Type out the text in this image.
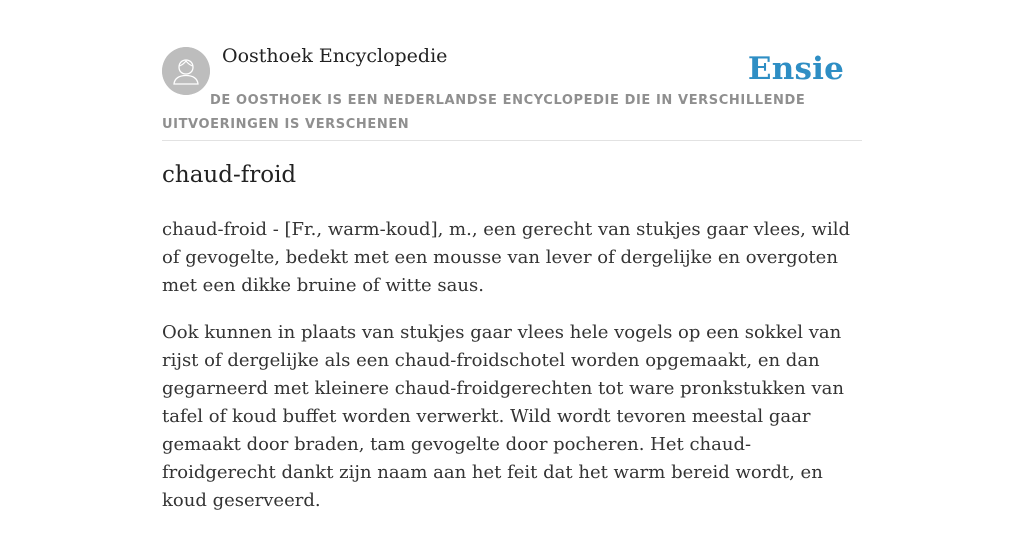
Oosthoek Encyclopedie	Ensie
DE OOSTHOEK IS EEN NEDERLANDSE ENCYCLOPEDIE DIE IN VERSCHILLENDE UITVOERINGEN IS VERSCHENEN
chaud-froid

chaud-froid - [Fr., warm-koud], m., een gerecht van stukjes gaar vlees, wild of gevogelte, bedekt met een mousse van lever of dergelijke en overgoten met een dikke bruine of witte saus.

Ook kunnen in plaats van stukjes gaar vlees hele vogels op een sokkel van rijst of dergelijke als een chaud-froidschotel worden opgemaakt, en dan gegarneerd met kleinere chaud-froidgerechten tot ware pronkstukken van tafel of koud buffet worden verwerkt. Wild wordt tevoren meestal gaar gemaakt door braden, tam gevogelte door pocheren. Het chaud-froidgerecht dankt zijn naam aan het feit dat het warm bereid wordt, en koud geserveerd.
